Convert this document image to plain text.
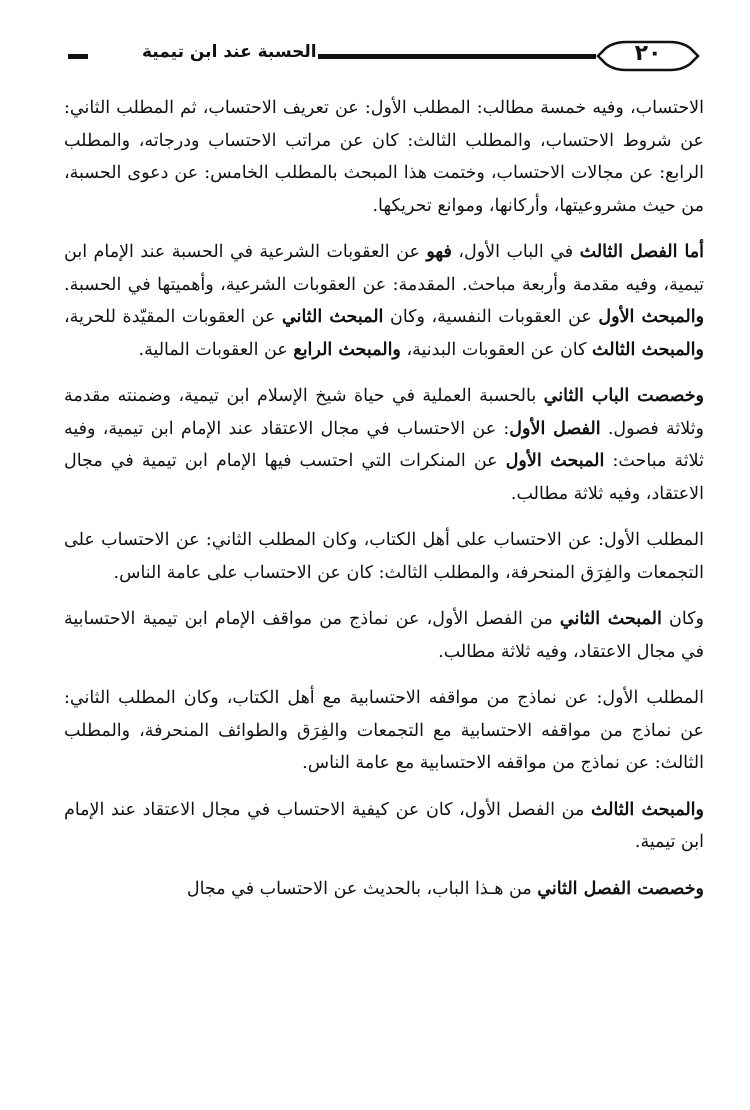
الحسبة عند ابن تيمية	٢٠

الاحتساب، وفيه خمسة مطالب: المطلب الأول: عن تعريف الاحتساب، ثم المطلب الثاني: عن شروط الاحتساب، والمطلب الثالث: كان عن مراتب الاحتساب ودرجاته، والمطلب الرابع: عن مجالات الاحتساب، وختمت هذا المبحث بالمطلب الخامس: عن دعوى الحسبة، من حيث مشروعيتها، وأركانها، وموانع تحريكها.

أما الفصل الثالث في الباب الأول، فهو عن العقوبات الشرعية في الحسبة عند الإمام ابن تيمية، وفيه مقدمة وأربعة مباحث. المقدمة: عن العقوبات الشرعية، وأهميتها في الحسبة. والمبحث الأول عن العقوبات النفسية، وكان المبحث الثاني عن العقوبات المقيّدة للحرية، والمبحث الثالث كان عن العقوبات البدنية، والمبحث الرابع عن العقوبات المالية.

وخصصت الباب الثاني بالحسبة العملية في حياة شيخ الإسلام ابن تيمية، وضمنته مقدمة وثلاثة فصول. الفصل الأول: عن الاحتساب في مجال الاعتقاد عند الإمام ابن تيمية، وفيه ثلاثة مباحث: المبحث الأول عن المنكرات التي احتسب فيها الإمام ابن تيمية في مجال الاعتقاد، وفيه ثلاثة مطالب.

المطلب الأول: عن الاحتساب على أهل الكتاب، وكان المطلب الثاني: عن الاحتساب على التجمعات والفِرَق المنحرفة، والمطلب الثالث: كان عن الاحتساب على عامة الناس.

وكان المبحث الثاني من الفصل الأول، عن نماذج من مواقف الإمام ابن تيمية الاحتسابية في مجال الاعتقاد، وفيه ثلاثة مطالب.

المطلب الأول: عن نماذج من مواقفه الاحتسابية مع أهل الكتاب، وكان المطلب الثاني: عن نماذج من مواقفه الاحتسابية مع التجمعات والفِرَق والطوائف المنحرفة، والمطلب الثالث: عن نماذج من مواقفه الاحتسابية مع عامة الناس.

والمبحث الثالث من الفصل الأول، كان عن كيفية الاحتساب في مجال الاعتقاد عند الإمام ابن تيمية.

وخصصت الفصل الثاني من هـذا الباب، بالحديث عن الاحتساب في مجال
